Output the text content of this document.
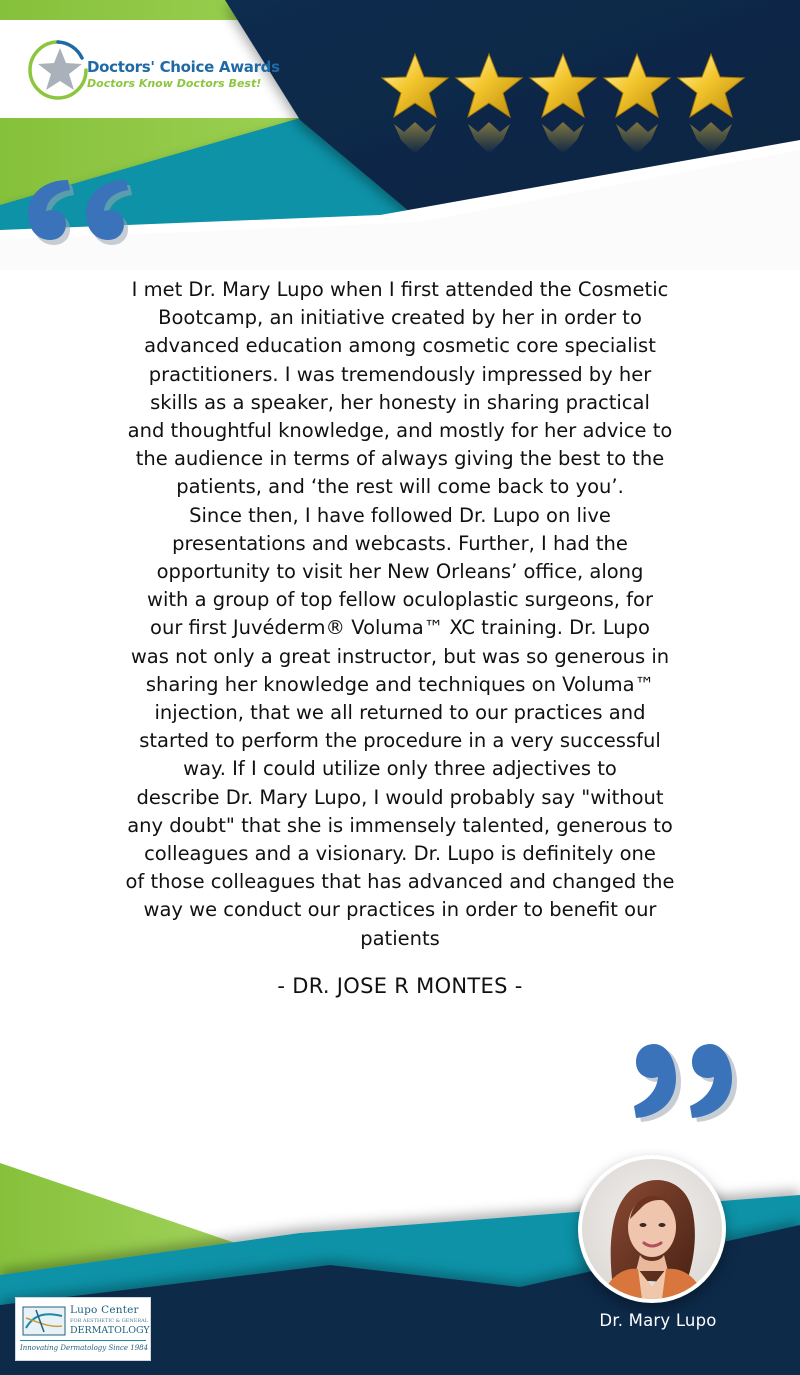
Doctors' Choice Awards
Doctors Know Doctors Best!
I met Dr. Mary Lupo when I first attended the Cosmetic
Bootcamp, an initiative created by her in order to
advanced education among cosmetic core specialist
practitioners. I was tremendously impressed by her
skills as a speaker, her honesty in sharing practical
and thoughtful knowledge, and mostly for her advice to
the audience in terms of always giving the best to the
patients, and ‘the rest will come back to you’.
Since then, I have followed Dr. Lupo on live
presentations and webcasts. Further, I had the
opportunity to visit her New Orleans’ office, along
with a group of top fellow oculoplastic surgeons, for
our first Juvéderm® Voluma™ XC training. Dr. Lupo
was not only a great instructor, but was so generous in
sharing her knowledge and techniques on Voluma™
injection, that we all returned to our practices and
started to perform the procedure in a very successful
way. If I could utilize only three adjectives to
describe Dr. Mary Lupo, I would probably say "without
any doubt" that she is immensely talented, generous to
colleagues and a visionary. Dr. Lupo is definitely one
of those colleagues that has advanced and changed the
way we conduct our practices in order to benefit our
patients
- DR. JOSE R MONTES -
Dr. Mary Lupo
Lupo Center
FOR AESTHETIC & GENERAL
DERMATOLOGY
Innovating Dermatology Since 1984
